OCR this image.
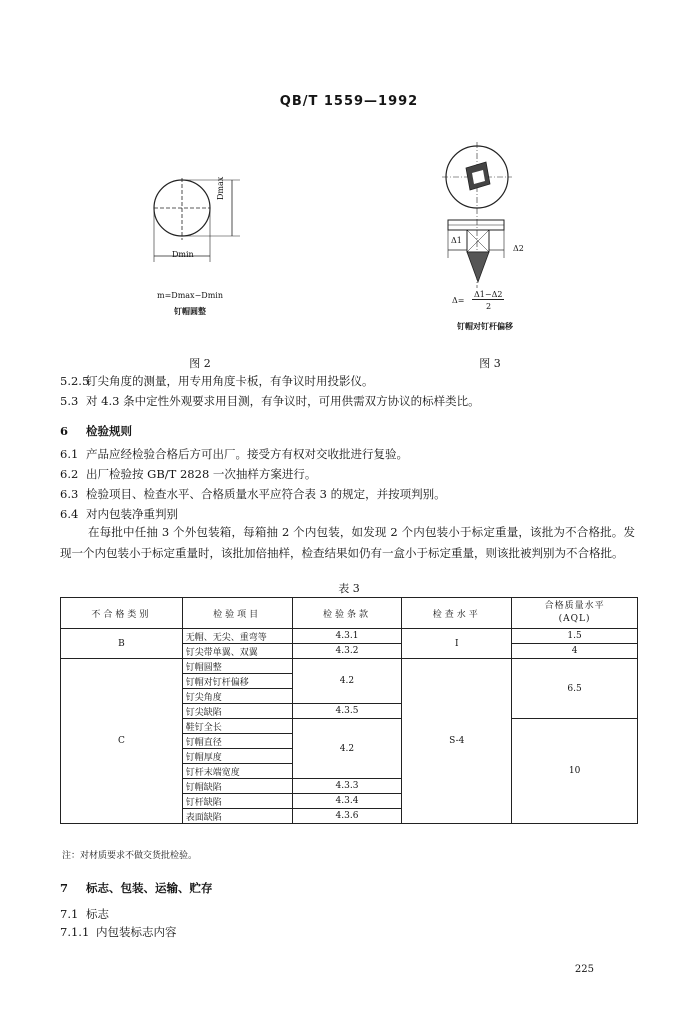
QB/T 1559—1992
Dmax
Dmin
m=Dmax−Dmin
钉帽圆整
图 2
Δ1
Δ2
Δ=
Δ1−Δ2
2
钉帽对钉杆偏移
图 3
5.2.5钉尖角度的测量，用专用角度卡板，有争议时用投影仪。
5.3 对 4.3 条中定性外观要求用目测，有争议时，可用供需双方协议的标样类比。
6 检验规则
6.1 产品应经检验合格后方可出厂。接受方有权对交收批进行复验。
6.2 出厂检验按 GB/T 2828 一次抽样方案进行。
6.3 检验项目、检查水平、合格质量水平应符合表 3 的规定，并按项判别。
6.4 对内包装净重判别
在每批中任抽 3 个外包装箱，每箱抽 2 个内包装，如发现 2 个内包装小于标定重量，该批为不合格批。发现一个内包装小于标定重量时，该批加倍抽样，检查结果如仍有一盒小于标定重量，则该批被判别为不合格批。
表 3
不合格类别	检验项目	检验条款	检查水平	合格质量水平
(AQL)

B	无帽、无尖、重弯等	4.3.1	Ⅰ	1.5
	钉尖带单翼、双翼	4.3.2		4
C	钉帽圆整	4.2	S-4	6.5
	钉帽对钉杆偏移			
	钉尖角度			
	钉尖缺陷	4.3.5		
	鞋钉全长	4.2		10
	钉帽直径			
	钉帽厚度			
	钉杆末端宽度			
	钉帽缺陷	4.3.3		
	钉杆缺陷	4.3.4		
	表面缺陷	4.3.6		
注：对材质要求不做交货批检验。
7 标志、包装、运输、贮存
7.1 标志
7.1.1 内包装标志内容
225
